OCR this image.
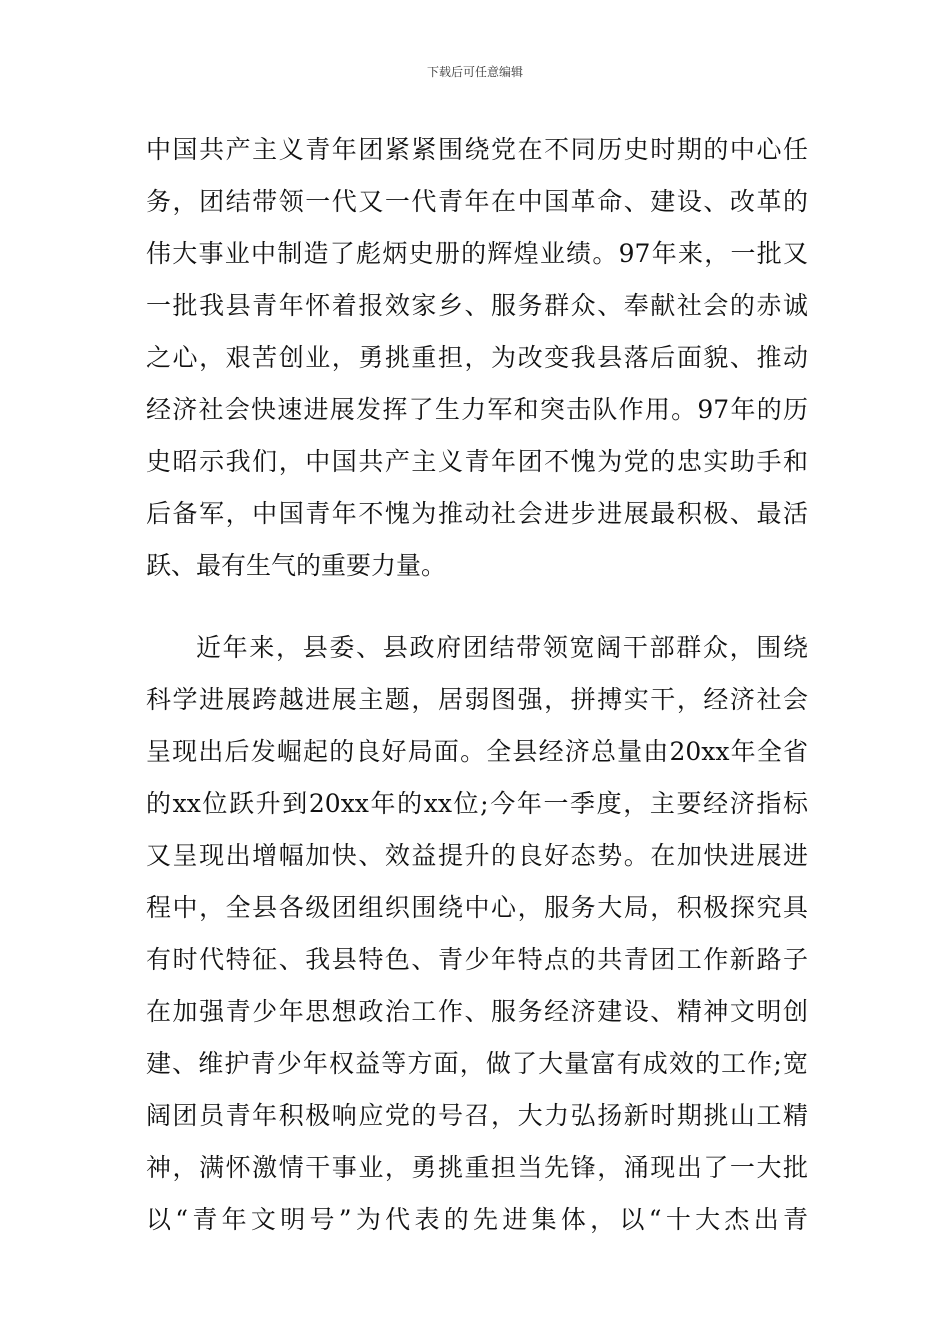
下载后可任意编辑
中国共产主义青年团紧紧围绕党在不同历史时期的中心任
务，团结带领一代又一代青年在中国革命、建设、改革的
伟大事业中制造了彪炳史册的辉煌业绩。97年来，一批又
一批我县青年怀着报效家乡、服务群众、奉献社会的赤诚
之心，艰苦创业，勇挑重担，为改变我县落后面貌、推动
经济社会快速进展发挥了生力军和突击队作用。97年的历
史昭示我们，中国共产主义青年团不愧为党的忠实助手和
后备军，中国青年不愧为推动社会进步进展最积极、最活
跃、最有生气的重要力量。
近年来，县委、县政府团结带领宽阔干部群众，围绕
科学进展跨越进展主题，居弱图强，拼搏实干，经济社会
呈现出后发崛起的良好局面。全县经济总量由20xx年全省
的xx位跃升到20xx年的xx位;今年一季度，主要经济指标
又呈现出增幅加快、效益提升的良好态势。在加快进展进
程中，全县各级团组织围绕中心，服务大局，积极探究具
有时代特征、我县特色、青少年特点的共青团工作新路子
在加强青少年思想政治工作、服务经济建设、精神文明创
建、维护青少年权益等方面，做了大量富有成效的工作;宽
阔团员青年积极响应党的号召，大力弘扬新时期挑山工精
神，满怀激情干事业，勇挑重担当先锋，涌现出了一大批
以“青年文明号”为代表的先进集体，以“十大杰出青
